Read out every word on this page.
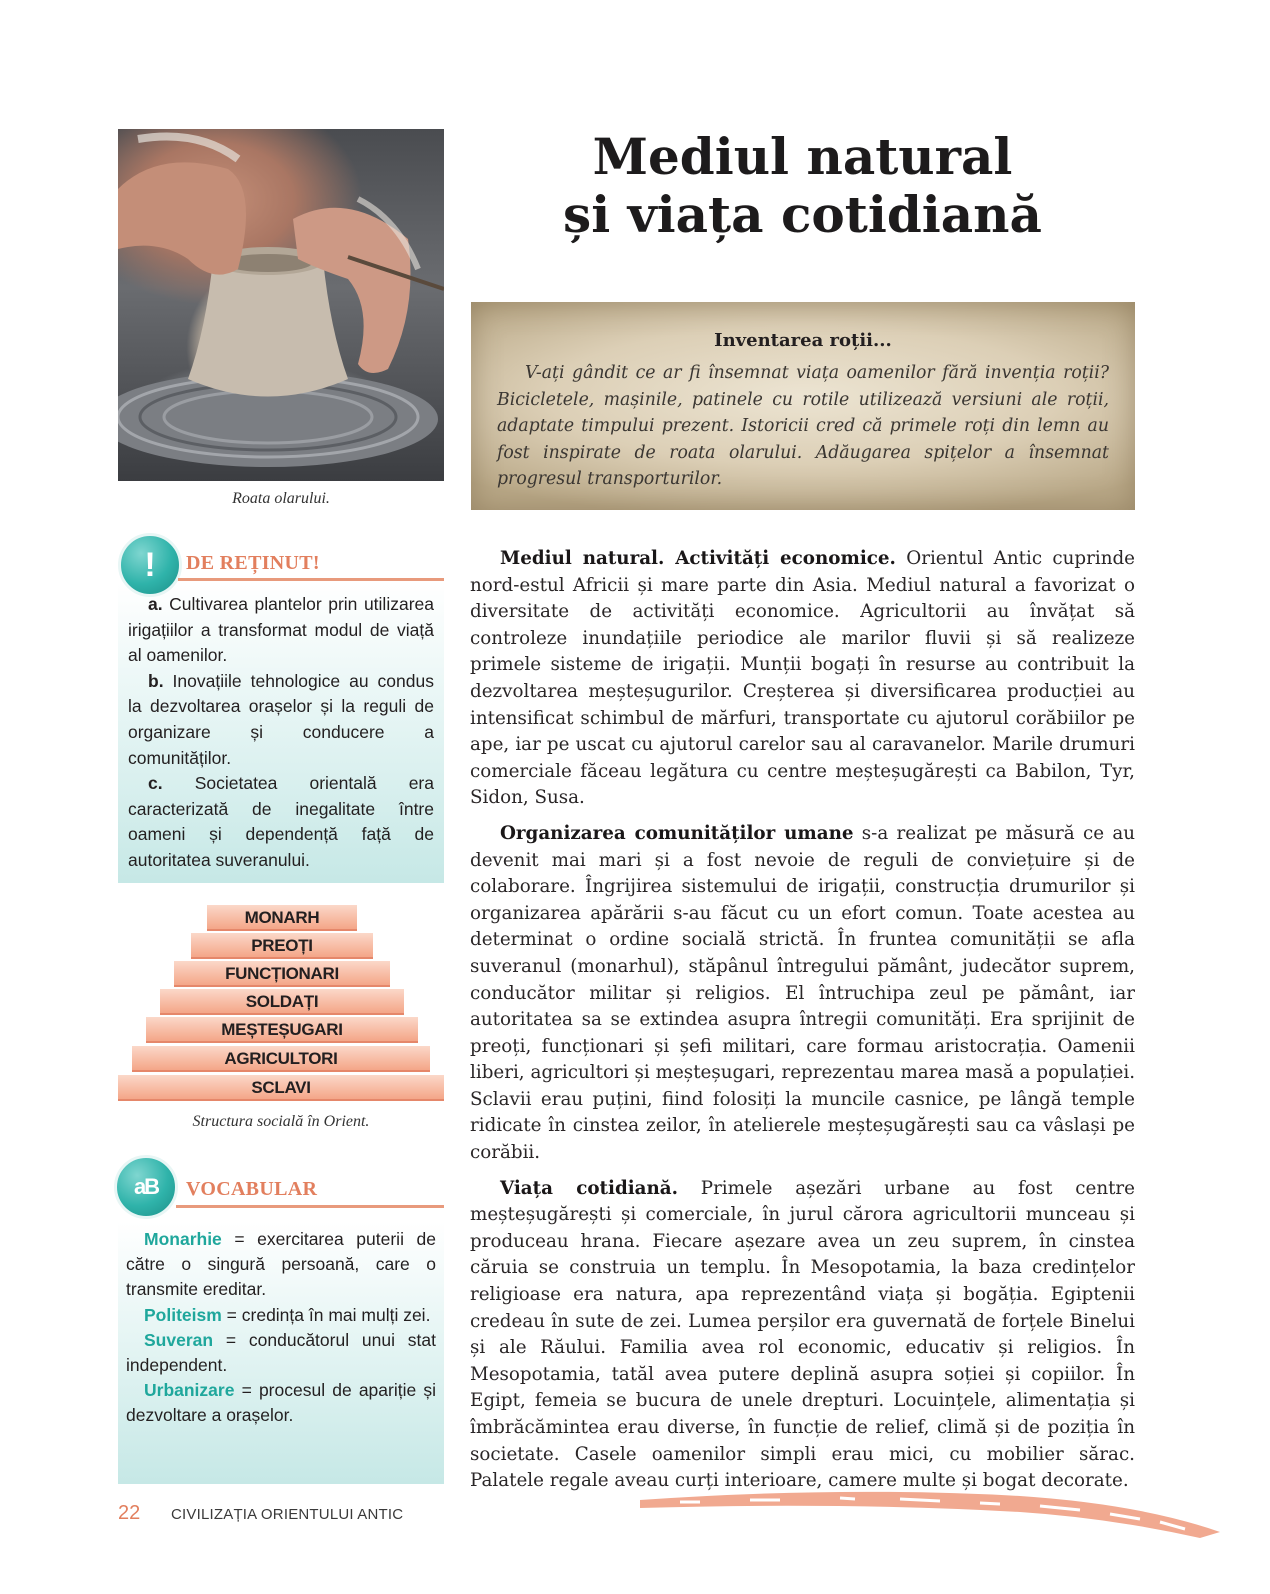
Roata olarului.
Mediul natural
și viața cotidiană
Inventarea roții...
V-ați gândit ce ar fi însemnat viața oamenilor fără invenția roții? Bicicletele, mașinile, patinele cu rotile utilizează versiuni ale roții, adaptate timpului prezent. Istoricii cred că primele roți din lemn au fost inspirate de roata olarului. Adăugarea spițelor a însemnat progresul transporturilor.
!	DE REȚINUT!

a. Cultivarea plantelor prin utilizarea irigațiilor a transformat modul de viață al oamenilor.

b. Inovațiile tehnologice au condus la dezvoltarea orașelor și la reguli de organizare și conducere a comunităților.

c. Societatea orientală era caracterizată de inegalitate între oameni și dependență față de autoritatea suveranului.

MONARH
PREOȚI
FUNCȚIONARI
SOLDAȚI
MEȘTEȘUGARI
AGRICULTORI
SCLAVI
Structura socială în Orient.
aB	VOCABULAR

Monarhie = exercitarea puterii de către o singură persoană, care o transmite ereditar.

Politeism = credința în mai mulți zei.

Suveran = conducătorul unui stat independent.

Urbanizare = procesul de apariție și dezvoltare a orașelor.

Mediul natural. Activități economice. Orientul Antic cuprinde nord-estul Africii și mare parte din Asia. Mediul natural a favorizat o diversitate de activități economice. Agricultorii au învățat să controleze inundațiile periodice ale marilor fluvii și să realizeze primele sisteme de irigații. Munții bogați în resurse au contribuit la dezvoltarea meșteșugurilor. Creșterea și diversificarea producției au intensificat schimbul de mărfuri, transportate cu ajutorul corăbiilor pe ape, iar pe uscat cu ajutorul carelor sau al caravanelor. Marile drumuri comerciale făceau legătura cu centre meșteșugărești ca Babilon, Tyr, Sidon, Susa.

Organizarea comunităților umane s-a realizat pe măsură ce au devenit mai mari și a fost nevoie de reguli de conviețuire și de colaborare. Îngrijirea sistemului de irigații, construcția drumurilor și organizarea apărării s-au făcut cu un efort comun. Toate acestea au determinat o ordine socială strictă. În fruntea comunității se afla suveranul (monarhul), stăpânul întregului pământ, judecător suprem, conducător militar și religios. El întruchipa zeul pe pământ, iar autoritatea sa se extindea asupra întregii comunități. Era sprijinit de preoți, funcționari și șefi militari, care formau aristocrația. Oamenii liberi, agricultori și meșteșugari, reprezentau marea masă a populației. Sclavii erau puțini, fiind folosiți la muncile casnice, pe lângă temple ridicate în cinstea zeilor, în atelierele meșteșugărești sau ca vâslași pe corăbii.

Viața cotidiană. Primele așezări urbane au fost centre meșteșugărești și comerciale, în jurul cărora agricultorii munceau și produceau hrana. Fiecare așezare avea un zeu suprem, în cinstea căruia se construia un templu. În Mesopotamia, la baza credințelor religioase era natura, apa reprezentând viața și bogăția. Egiptenii credeau în sute de zei. Lumea perșilor era guvernată de forțele Binelui și ale Răului. Familia avea rol economic, educativ și religios. În Mesopotamia, tatăl avea putere deplină asupra soției și copiilor. În Egipt, femeia se bucura de unele drepturi. Locuințele, alimentația și îmbrăcămintea erau diverse, în funcție de relief, climă și de poziția în societate. Casele oamenilor simpli erau mici, cu mobilier sărac. Palatele regale aveau curți interioare, camere multe și bogat decorate.

22 CIVILIZAȚIA ORIENTULUI ANTIC
